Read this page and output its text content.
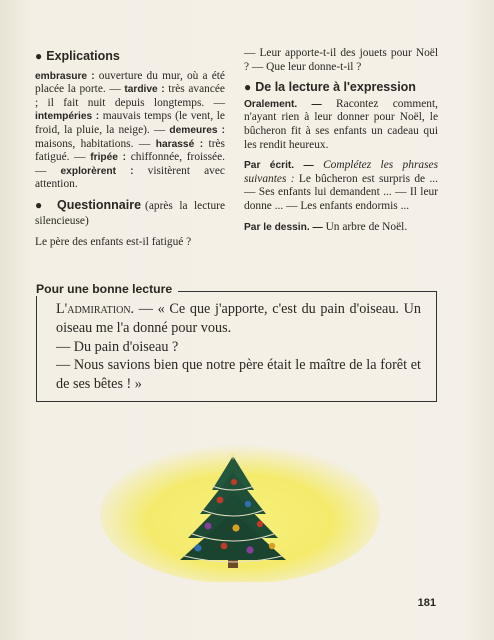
● Explications

embrasure : ouverture du mur, où a été placée la porte. — tardive : très avancée ; il fait nuit depuis longtemps. — intempéries : mauvais temps (le vent, le froid, la pluie, la neige). — demeures : maisons, habitations. — harassé : très fatigué. — fripée : chiffonnée, froissée. — explorèrent : visitèrent avec attention.

● Questionnaire (après la lecture silencieuse)

Le père des enfants est-il fatigué ?

— Leur apporte-t-il des jouets pour Noël ? — Que leur donne-t-il ?

● De la lecture à l'expression

Oralement. — Racontez comment, n'ayant rien à leur donner pour Noël, le bûcheron fit à ses enfants un cadeau qui les rendit heureux.

Par écrit. — Complétez les phrases suivantes : Le bûcheron est surpris de ... — Ses enfants lui demandent ... — Il leur donne ... — Les enfants endormis ...

Par le dessin. — Un arbre de Noël.

Pour une bonne lecture

L'admiration. — « Ce que j'apporte, c'est du pain d'oiseau. Un oiseau me l'a donné pour vous.

— Du pain d'oiseau ?

— Nous savions bien que notre père était le maître de la forêt et de ses bêtes ! »

✶
181
